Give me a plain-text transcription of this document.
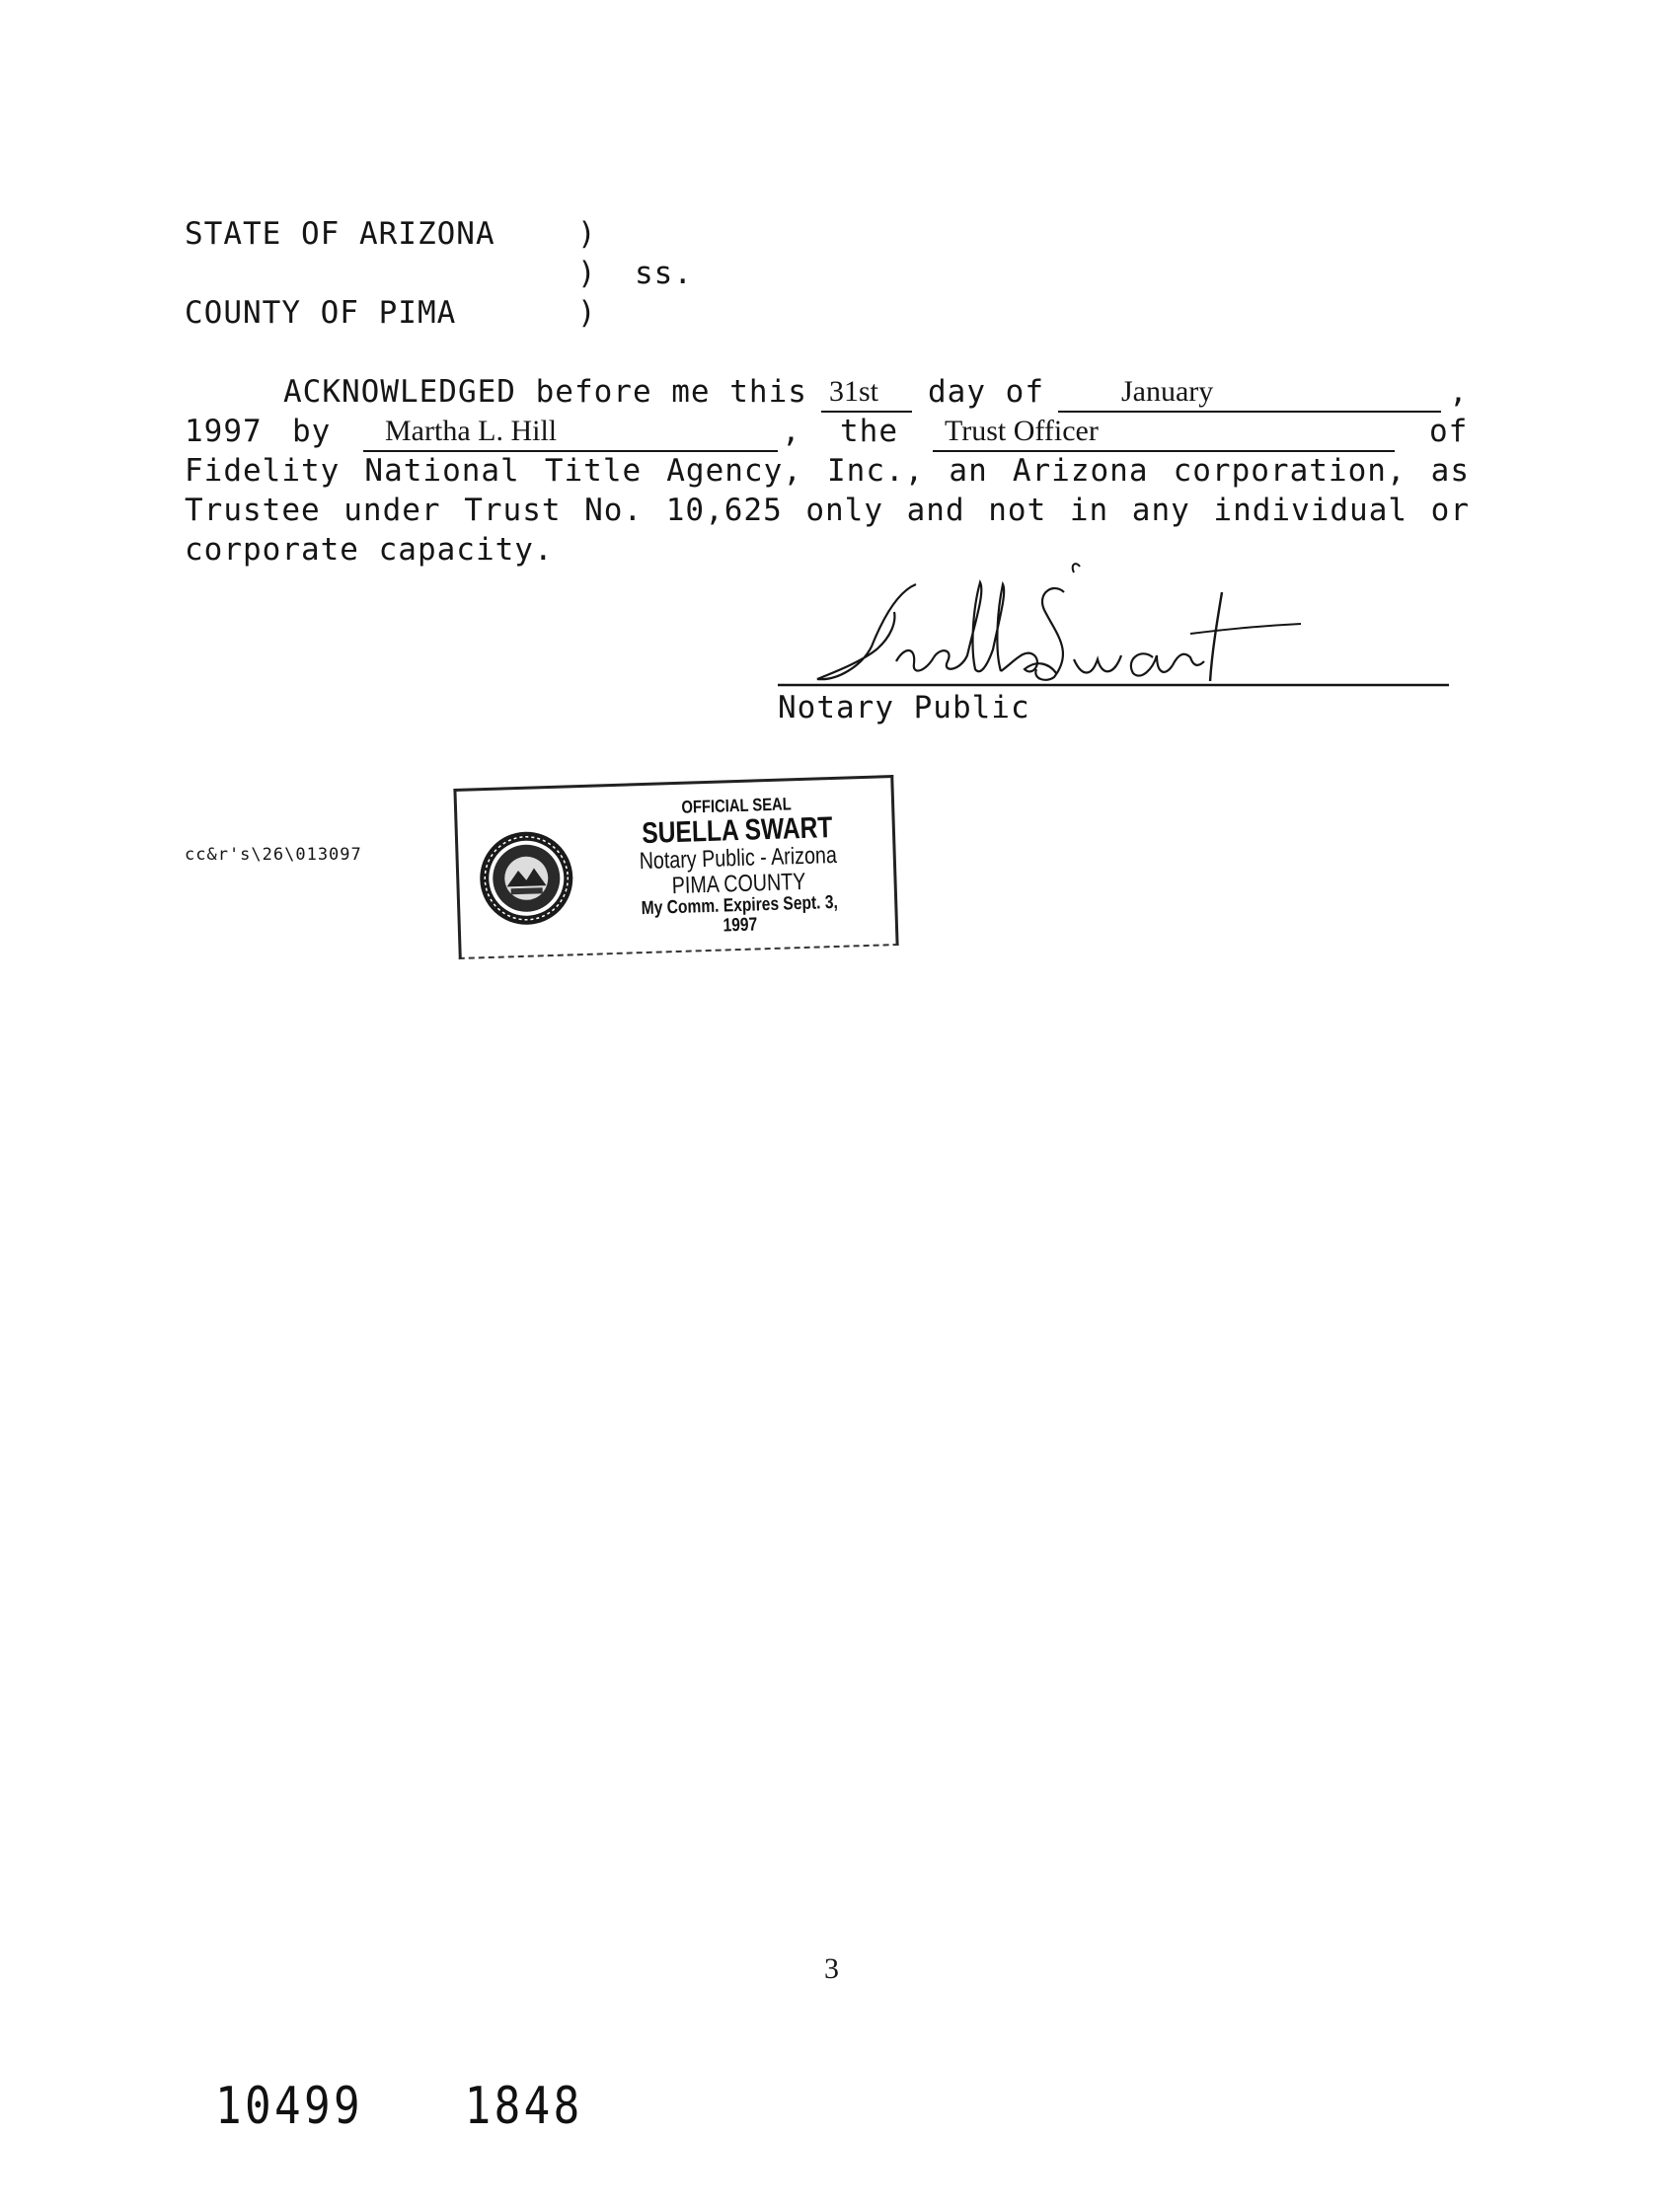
STATE OF ARIZONA	)
) ss.
COUNTY OF PIMA	)
ACKNOWLEDGED before me this 31st day of	January	,
1997 by Martha L. Hill	,  the Trust Officer	of
Fidelity National Title Agency, Inc., an Arizona corporation, as
Trustee under Trust No. 10,625 only and not in any individual or
corporate capacity.
Notary Public
cc&r's\26\013097
OFFICIAL SEAL
SUELLA SWART
Notary Public - Arizona
PIMA COUNTY
My Comm. Expires Sept. 3, 1997
3
10499 1848
